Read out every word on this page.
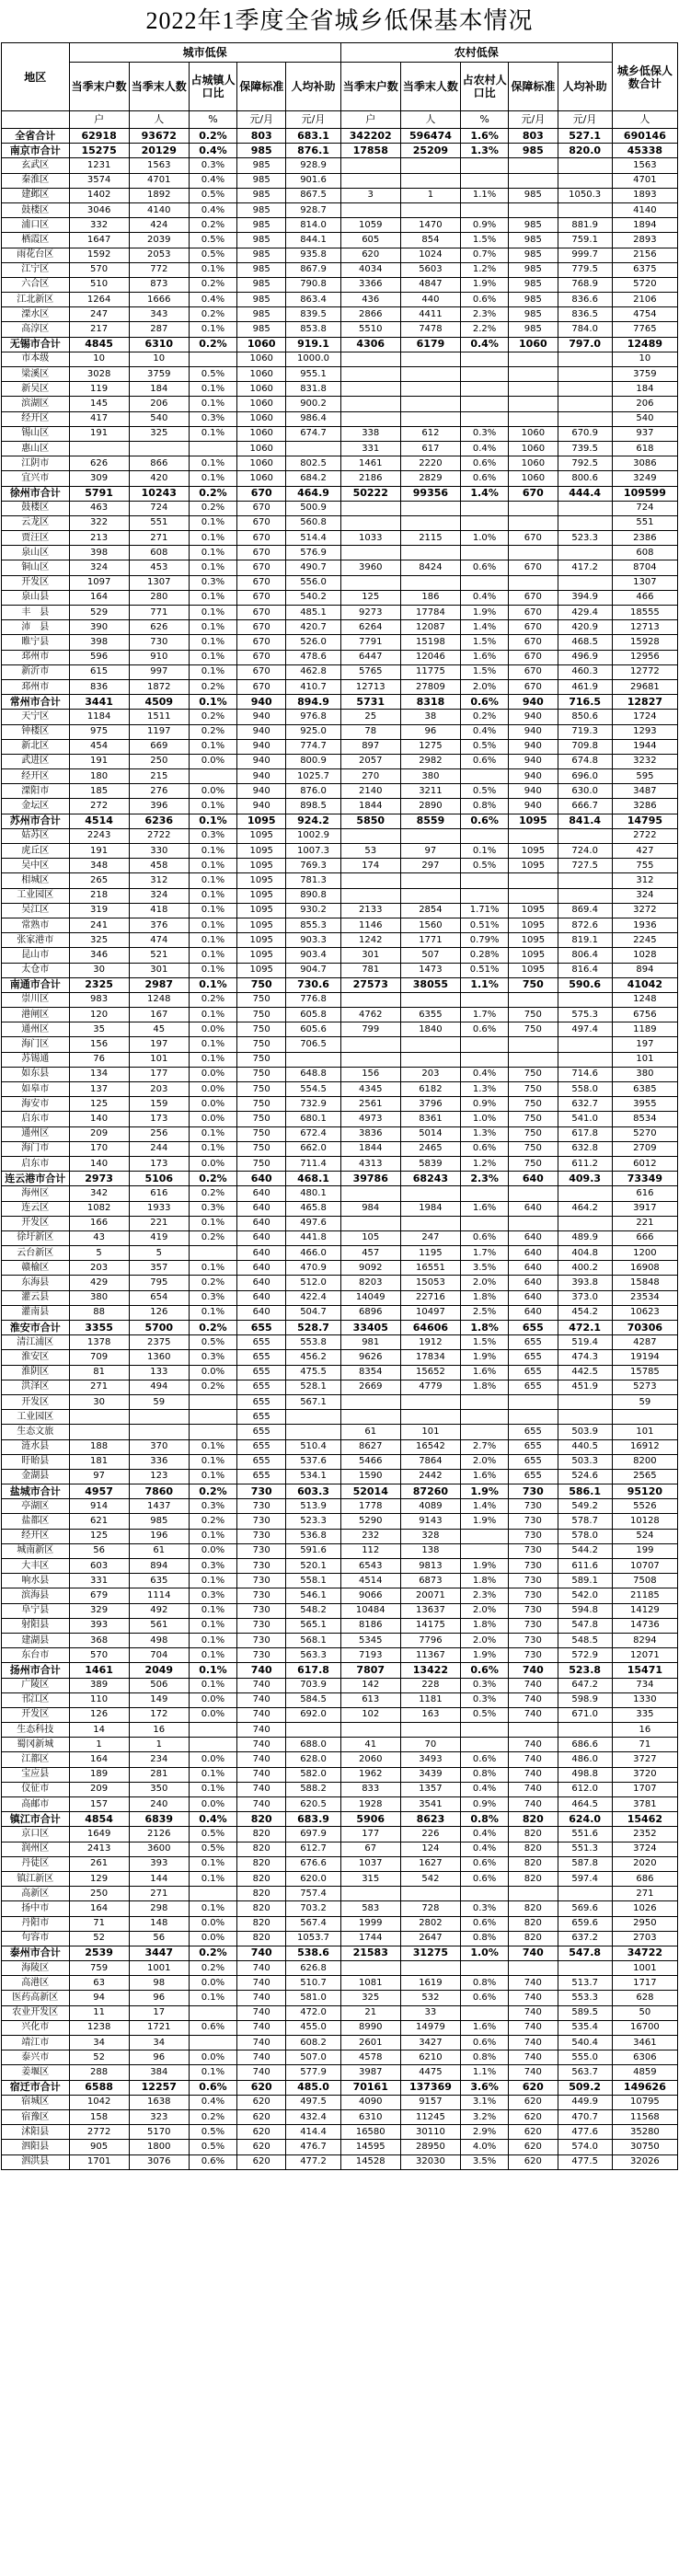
2022年1季度全省城乡低保基本情况
地区	城市低保					农村低保					城乡低保人数合计
	当季末户数	当季末人数	占城镇人口比	保障标准	人均补助	当季末户数	当季末人数	占农村人口比	保障标准	人均补助	
	户	人	%	元/月	元/月	户	人	%	元/月	元/月	人
全省合计	62918	93672	0.2%	803	683.1	342202	596474	1.6%	803	527.1	690146
南京市合计	15275	20129	0.4%	985	876.1	17858	25209	1.3%	985	820.0	45338
玄武区	1231	1563	0.3%	985	928.9						1563
秦淮区	3574	4701	0.4%	985	901.6						4701
建邺区	1402	1892	0.5%	985	867.5	3	1	1.1%	985	1050.3	1893
鼓楼区	3046	4140	0.4%	985	928.7						4140
浦口区	332	424	0.2%	985	814.0	1059	1470	0.9%	985	881.9	1894
栖霞区	1647	2039	0.5%	985	844.1	605	854	1.5%	985	759.1	2893
雨花台区	1592	2053	0.5%	985	935.8	620	1024	0.7%	985	999.7	2156
江宁区	570	772	0.1%	985	867.9	4034	5603	1.2%	985	779.5	6375
六合区	510	873	0.2%	985	790.8	3366	4847	1.9%	985	768.9	5720
江北新区	1264	1666	0.4%	985	863.4	436	440	0.6%	985	836.6	2106
溧水区	247	343	0.2%	985	839.5	2866	4411	2.3%	985	836.5	4754
高淳区	217	287	0.1%	985	853.8	5510	7478	2.2%	985	784.0	7765
无锡市合计	4845	6310	0.2%	1060	919.1	4306	6179	0.4%	1060	797.0	12489
市本级	10	10		1060	1000.0						10
梁溪区	3028	3759	0.5%	1060	955.1						3759
新吴区	119	184	0.1%	1060	831.8						184
滨湖区	145	206	0.1%	1060	900.2						206
经开区	417	540	0.3%	1060	986.4						540
锡山区	191	325	0.1%	1060	674.7	338	612	0.3%	1060	670.9	937
惠山区				1060		331	617	0.4%	1060	739.5	618
江阴市	626	866	0.1%	1060	802.5	1461	2220	0.6%	1060	792.5	3086
宜兴市	309	420	0.1%	1060	684.2	2186	2829	0.6%	1060	800.6	3249
徐州市合计	5791	10243	0.2%	670	464.9	50222	99356	1.4%	670	444.4	109599
鼓楼区	463	724	0.2%	670	500.9						724
云龙区	322	551	0.1%	670	560.8						551
贾汪区	213	271	0.1%	670	514.4	1033	2115	1.0%	670	523.3	2386
泉山区	398	608	0.1%	670	576.9						608
铜山区	324	453	0.1%	670	490.7	3960	8424	0.6%	670	417.2	8704
开发区	1097	1307	0.3%	670	556.0						1307
泉山县	164	280	0.1%	670	540.2	125	186	0.4%	670	394.9	466
丰　县	529	771	0.1%	670	485.1	9273	17784	1.9%	670	429.4	18555
沛　县	390	626	0.1%	670	420.7	6264	12087	1.4%	670	420.9	12713
睢宁县	398	730	0.1%	670	526.0	7791	15198	1.5%	670	468.5	15928
邳州市	596	910	0.1%	670	478.6	6447	12046	1.6%	670	496.9	12956
新沂市	615	997	0.1%	670	462.8	5765	11775	1.5%	670	460.3	12772
邳州市	836	1872	0.2%	670	410.7	12713	27809	2.0%	670	461.9	29681
常州市合计	3441	4509	0.1%	940	894.9	5731	8318	0.6%	940	716.5	12827
天宁区	1184	1511	0.2%	940	976.8	25	38	0.2%	940	850.6	1724
钟楼区	975	1197	0.2%	940	925.0	78	96	0.4%	940	719.3	1293
新北区	454	669	0.1%	940	774.7	897	1275	0.5%	940	709.8	1944
武进区	191	250	0.0%	940	800.9	2057	2982	0.6%	940	674.8	3232
经开区	180	215		940	1025.7	270	380		940	696.0	595
溧阳市	185	276	0.0%	940	876.0	2140	3211	0.5%	940	630.0	3487
金坛区	272	396	0.1%	940	898.5	1844	2890	0.8%	940	666.7	3286
苏州市合计	4514	6236	0.1%	1095	924.2	5850	8559	0.6%	1095	841.4	14795
姑苏区	2243	2722	0.3%	1095	1002.9						2722
虎丘区	191	330	0.1%	1095	1007.3	53	97	0.1%	1095	724.0	427
吴中区	348	458	0.1%	1095	769.3	174	297	0.5%	1095	727.5	755
相城区	265	312	0.1%	1095	781.3						312
工业园区	218	324	0.1%	1095	890.8						324
吴江区	319	418	0.1%	1095	930.2	2133	2854	1.71%	1095	869.4	3272
常熟市	241	376	0.1%	1095	855.3	1146	1560	0.51%	1095	872.6	1936
张家港市	325	474	0.1%	1095	903.3	1242	1771	0.79%	1095	819.1	2245
昆山市	346	521	0.1%	1095	903.4	301	507	0.28%	1095	806.4	1028
太仓市	30	301	0.1%	1095	904.7	781	1473	0.51%	1095	816.4	894
南通市合计	2325	2987	0.1%	750	730.6	27573	38055	1.1%	750	590.6	41042
崇川区	983	1248	0.2%	750	776.8						1248
港闸区	120	167	0.1%	750	605.8	4762	6355	1.7%	750	575.3	6756
通州区	35	45	0.0%	750	605.6	799	1840	0.6%	750	497.4	1189
海门区	156	197	0.1%	750	706.5						197
苏锡通	76	101	0.1%	750							101
如东县	134	177	0.0%	750	648.8	156	203	0.4%	750	714.6	380
如皋市	137	203	0.0%	750	554.5	4345	6182	1.3%	750	558.0	6385
海安市	125	159	0.0%	750	732.9	2561	3796	0.9%	750	632.7	3955
启东市	140	173	0.0%	750	680.1	4973	8361	1.0%	750	541.0	8534
通州区	209	256	0.1%	750	672.4	3836	5014	1.3%	750	617.8	5270
海门市	170	244	0.1%	750	662.0	1844	2465	0.6%	750	632.8	2709
启东市	140	173	0.0%	750	711.4	4313	5839	1.2%	750	611.2	6012
连云港市合计	2973	5106	0.2%	640	468.1	39786	68243	2.3%	640	409.3	73349
海州区	342	616	0.2%	640	480.1						616
连云区	1082	1933	0.3%	640	465.8	984	1984	1.6%	640	464.2	3917
开发区	166	221	0.1%	640	497.6						221
徐圩新区	43	419	0.2%	640	441.8	105	247	0.6%	640	489.9	666
云台新区	5	5		640	466.0	457	1195	1.7%	640	404.8	1200
赣榆区	203	357	0.1%	640	470.9	9092	16551	3.5%	640	400.2	16908
东海县	429	795	0.2%	640	512.0	8203	15053	2.0%	640	393.8	15848
灌云县	380	654	0.3%	640	422.4	14049	22716	1.8%	640	373.0	23534
灌南县	88	126	0.1%	640	504.7	6896	10497	2.5%	640	454.2	10623
淮安市合计	3355	5700	0.2%	655	528.7	33405	64606	1.8%	655	472.1	70306
清江浦区	1378	2375	0.5%	655	553.8	981	1912	1.5%	655	519.4	4287
淮安区	709	1360	0.3%	655	456.2	9626	17834	1.9%	655	474.3	19194
淮阴区	81	133	0.0%	655	475.5	8354	15652	1.6%	655	442.5	15785
洪泽区	271	494	0.2%	655	528.1	2669	4779	1.8%	655	451.9	5273
开发区	30	59		655	567.1						59
工业园区				655							
生态文旅				655		61	101		655	503.9	101
涟水县	188	370	0.1%	655	510.4	8627	16542	2.7%	655	440.5	16912
盱眙县	181	336	0.1%	655	537.6	5466	7864	2.0%	655	503.3	8200
金湖县	97	123	0.1%	655	534.1	1590	2442	1.6%	655	524.6	2565
盐城市合计	4957	7860	0.2%	730	603.3	52014	87260	1.9%	730	586.1	95120
亭湖区	914	1437	0.3%	730	513.9	1778	4089	1.4%	730	549.2	5526
盐都区	621	985	0.2%	730	523.3	5290	9143	1.9%	730	578.7	10128
经开区	125	196	0.1%	730	536.8	232	328		730	578.0	524
城南新区	56	61	0.0%	730	591.6	112	138		730	544.2	199
大丰区	603	894	0.3%	730	520.1	6543	9813	1.9%	730	611.6	10707
响水县	331	635	0.1%	730	558.1	4514	6873	1.8%	730	589.1	7508
滨海县	679	1114	0.3%	730	546.1	9066	20071	2.3%	730	542.0	21185
阜宁县	329	492	0.1%	730	548.2	10484	13637	2.0%	730	594.8	14129
射阳县	393	561	0.1%	730	565.1	8186	14175	1.8%	730	547.8	14736
建湖县	368	498	0.1%	730	568.1	5345	7796	2.0%	730	548.5	8294
东台市	570	704	0.1%	730	563.3	7193	11367	1.9%	730	572.9	12071
扬州市合计	1461	2049	0.1%	740	617.8	7807	13422	0.6%	740	523.8	15471
广陵区	389	506	0.1%	740	703.9	142	228	0.3%	740	647.2	734
邗江区	110	149	0.0%	740	584.5	613	1181	0.3%	740	598.9	1330
开发区	126	172	0.0%	740	692.0	102	163	0.5%	740	671.0	335
生态科技	14	16		740							16
蜀冈新城	1	1		740	688.0	41	70		740	686.6	71
江都区	164	234	0.0%	740	628.0	2060	3493	0.6%	740	486.0	3727
宝应县	189	281	0.1%	740	582.0	1962	3439	0.8%	740	498.8	3720
仪征市	209	350	0.1%	740	588.2	833	1357	0.4%	740	612.0	1707
高邮市	157	240	0.0%	740	620.5	1928	3541	0.9%	740	464.5	3781
镇江市合计	4854	6839	0.4%	820	683.9	5906	8623	0.8%	820	624.0	15462
京口区	1649	2126	0.5%	820	697.9	177	226	0.4%	820	551.6	2352
润州区	2413	3600	0.5%	820	612.7	67	124	0.4%	820	551.3	3724
丹徒区	261	393	0.1%	820	676.6	1037	1627	0.6%	820	587.8	2020
镇江新区	129	144	0.1%	820	620.0	315	542	0.6%	820	597.4	686
高新区	250	271		820	757.4						271
扬中市	164	298	0.1%	820	703.2	583	728	0.3%	820	569.6	1026
丹阳市	71	148	0.0%	820	567.4	1999	2802	0.6%	820	659.6	2950
句容市	52	56	0.0%	820	1053.7	1744	2647	0.8%	820	637.2	2703
泰州市合计	2539	3447	0.2%	740	538.6	21583	31275	1.0%	740	547.8	34722
海陵区	759	1001	0.2%	740	626.8						1001
高港区	63	98	0.0%	740	510.7	1081	1619	0.8%	740	513.7	1717
医药高新区	94	96	0.1%	740	581.0	325	532	0.6%	740	553.3	628
农业开发区	11	17		740	472.0	21	33		740	589.5	50
兴化市	1238	1721	0.6%	740	455.0	8990	14979	1.6%	740	535.4	16700
靖江市	34	34		740	608.2	2601	3427	0.6%	740	540.4	3461
泰兴市	52	96	0.0%	740	507.0	4578	6210	0.8%	740	555.0	6306
姜堰区	288	384	0.1%	740	577.9	3987	4475	1.1%	740	563.7	4859
宿迁市合计	6588	12257	0.6%	620	485.0	70161	137369	3.6%	620	509.2	149626
宿城区	1042	1638	0.4%	620	497.5	4090	9157	3.1%	620	449.9	10795
宿豫区	158	323	0.2%	620	432.4	6310	11245	3.2%	620	470.7	11568
沭阳县	2772	5170	0.5%	620	414.4	16580	30110	2.9%	620	477.6	35280
泗阳县	905	1800	0.5%	620	476.7	14595	28950	4.0%	620	574.0	30750
泗洪县	1701	3076	0.6%	620	477.2	14528	32030	3.5%	620	477.5	32026
